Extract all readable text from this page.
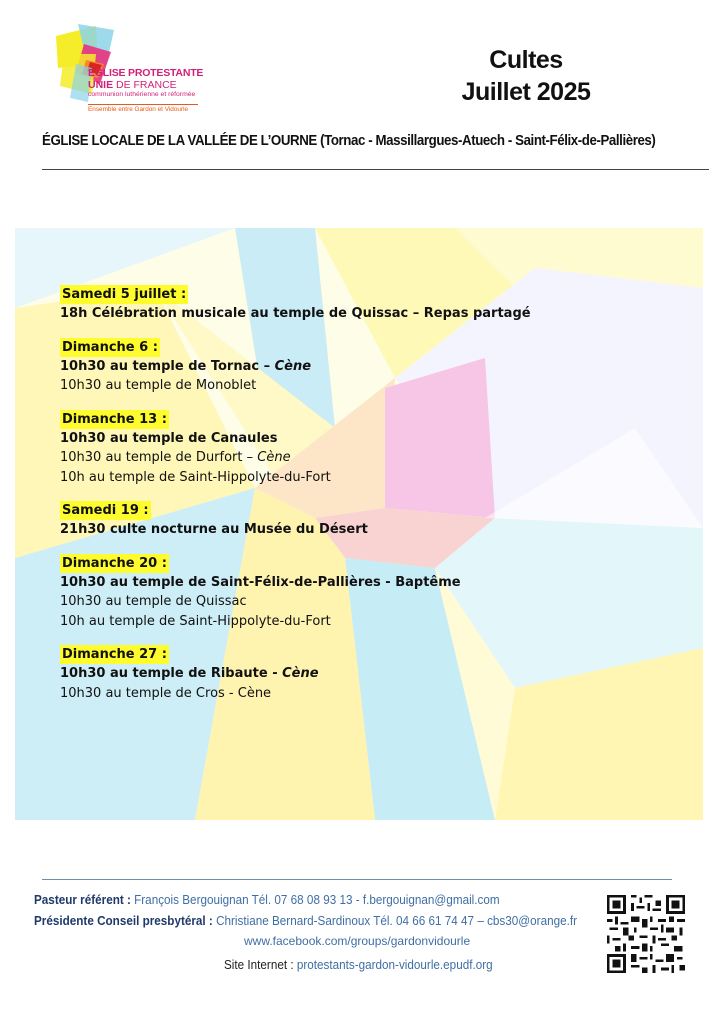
EGLISE PROTESTANTE
UNIE DE FRANCE
communion luthérienne et réformée
Ensemble entre Gardon et Vidourle
Cultes
Juillet 2025
ÉGLISE LOCALE DE LA VALLÉE DE L’OURNE (Tornac - Massillargues-Atuech - Saint-Félix-de-Pallières)
Samedi 5 juillet :
18h Célébration musicale au temple de Quissac – Repas partagé
Dimanche 6 :
10h30 au temple de Tornac – Cène
10h30 au temple de Monoblet
Dimanche 13 :
10h30 au temple de Canaules
10h30 au temple de Durfort – Cène
10h au temple de Saint-Hippolyte-du-Fort
Samedi 19 :
21h30 culte nocturne au Musée du Désert
Dimanche 20 :
10h30 au temple de Saint-Félix-de-Pallières - Baptême
10h30 au temple de Quissac
10h au temple de Saint-Hippolyte-du-Fort
Dimanche 27 :
10h30 au temple de Ribaute - Cène
10h30 au temple de Cros - Cène
Pasteur référent : François Bergouignan Tél. 07 68 08 93 13 - f.bergouignan@gmail.com
Présidente Conseil presbytéral : Christiane Bernard-Sardinoux Tél. 04 66 61 74 47 – cbs30@orange.fr
www.facebook.com/groups/gardonvidourle
Site Internet : protestants-gardon-vidourle.epudf.org
